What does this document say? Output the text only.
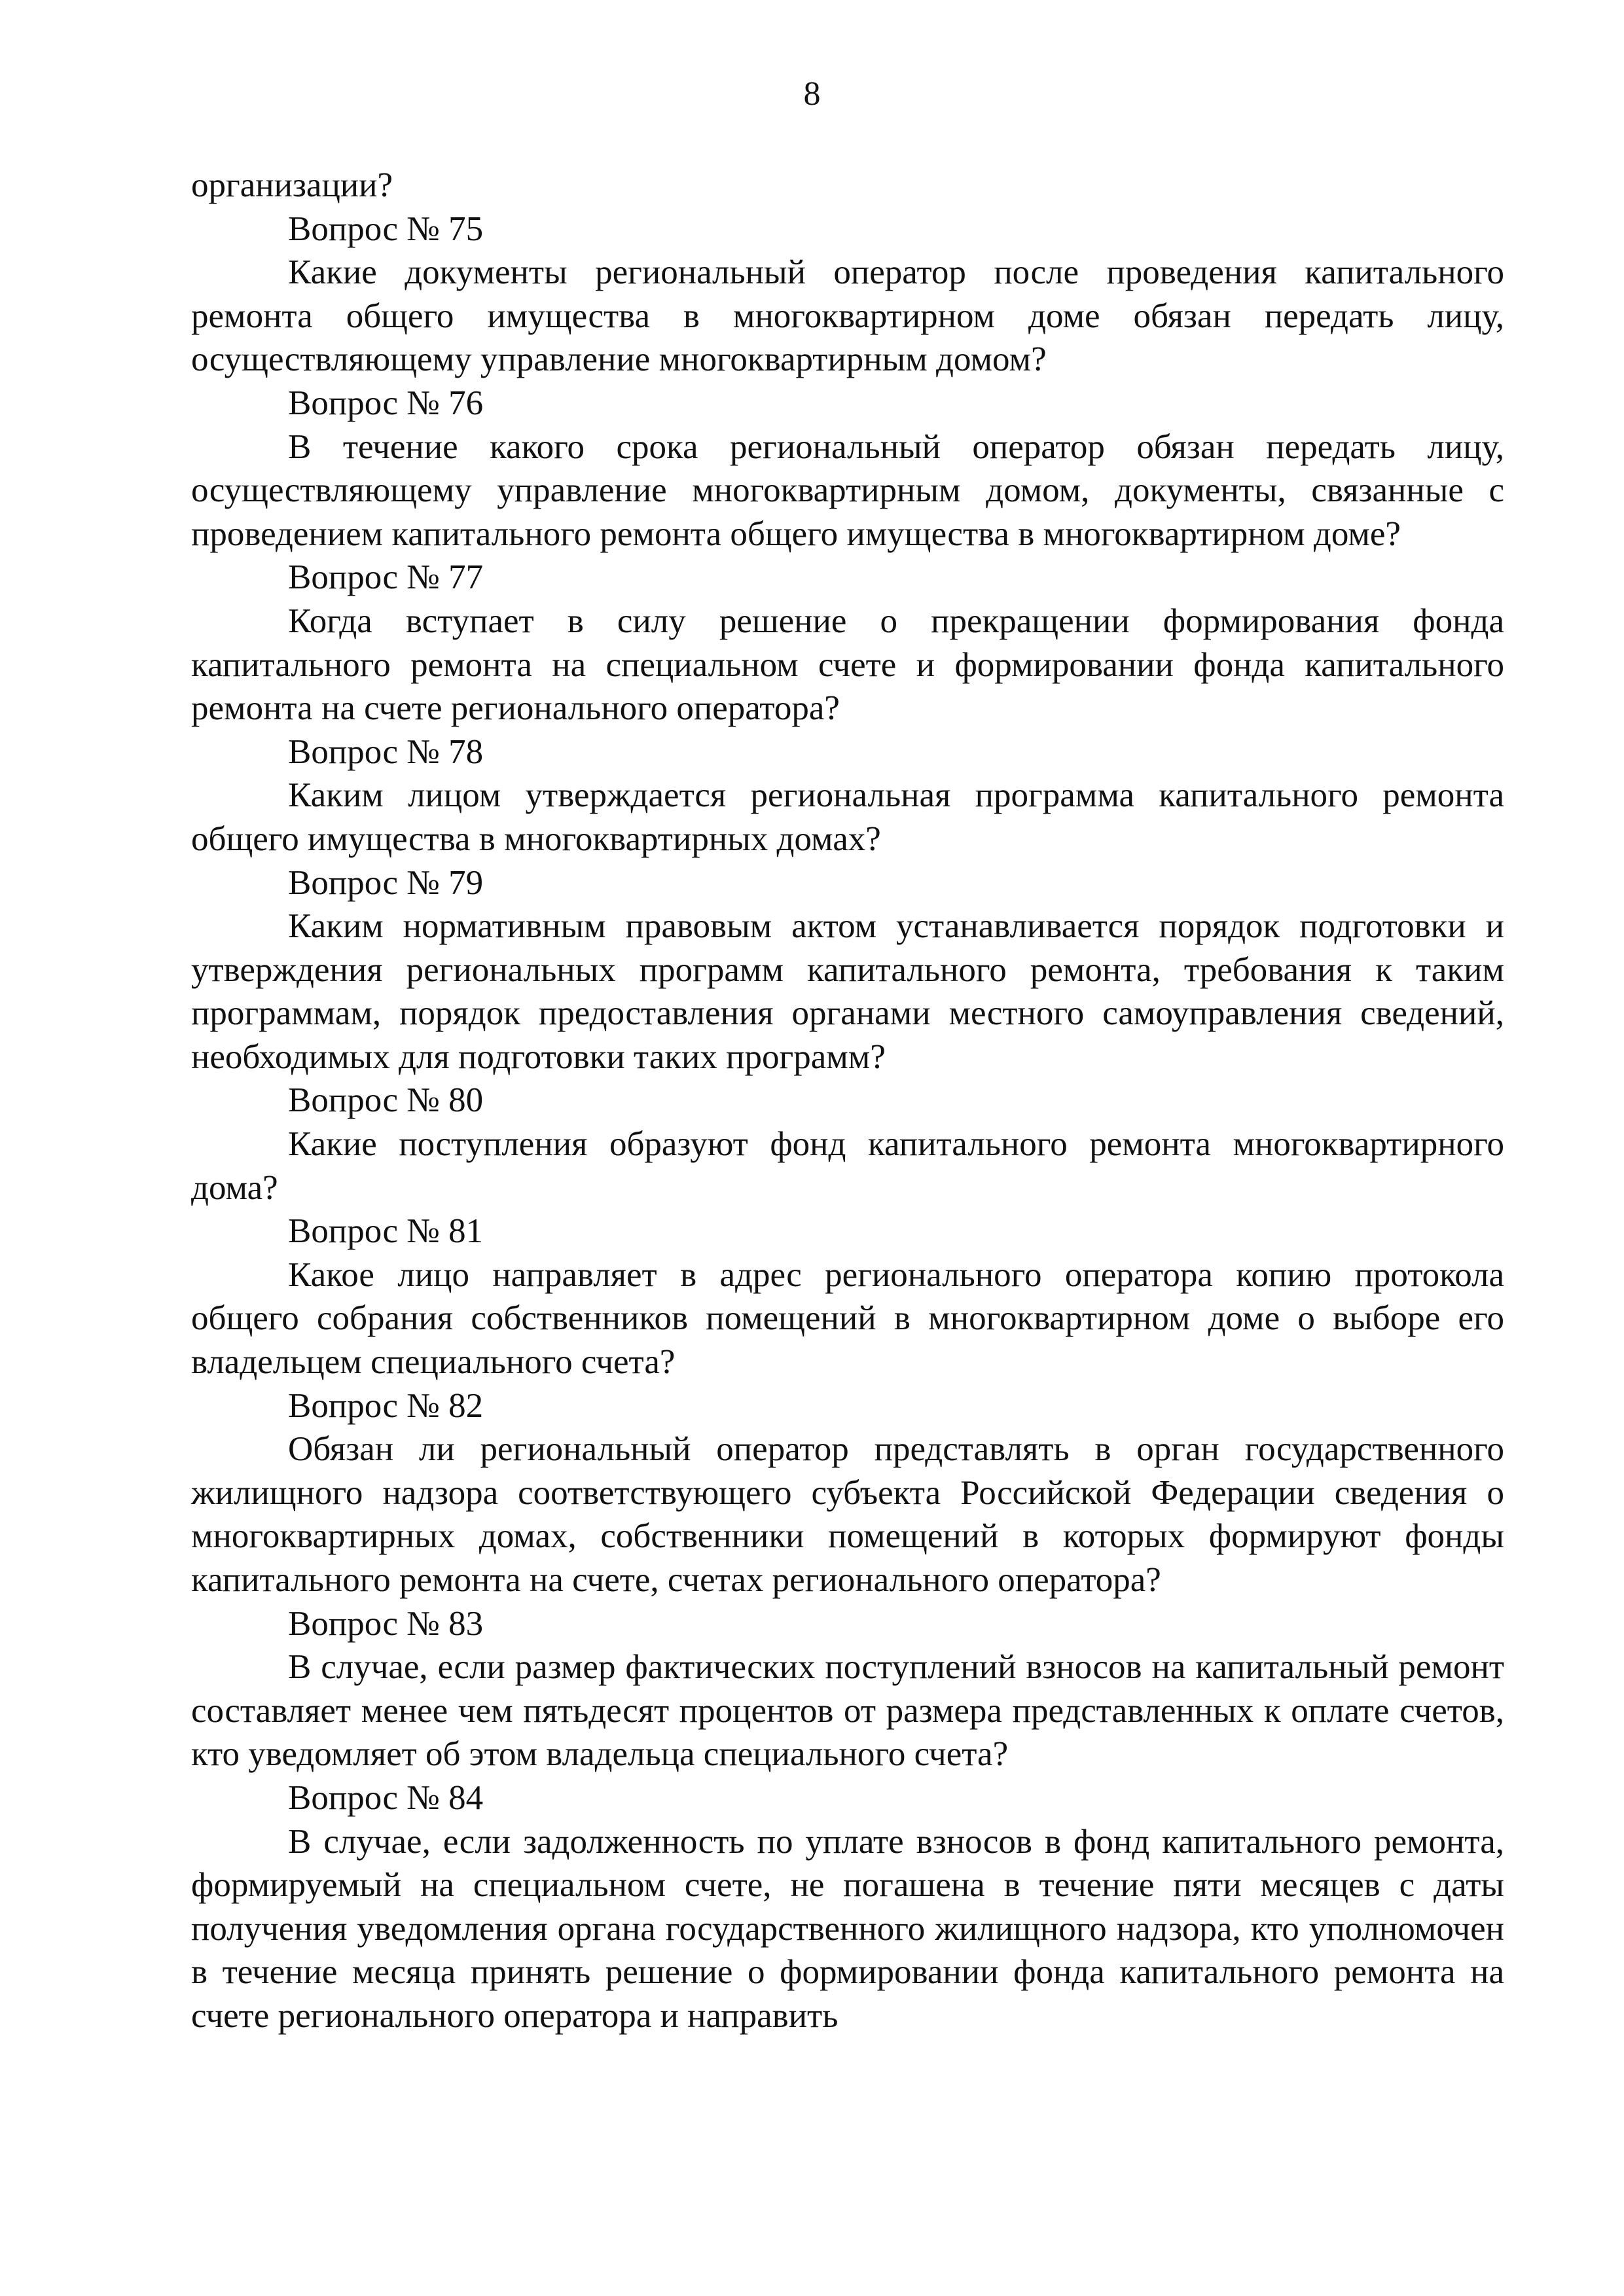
8

организации?

Вопрос № 75

Какие документы региональный оператор после проведения капитального ремонта общего имущества в многоквартирном доме обязан передать лицу, осуществляющему управление многоквартирным домом?

Вопрос № 76

В течение какого срока региональный оператор обязан передать лицу, осуществляющему управление многоквартирным домом, документы, связанные с проведением капитального ремонта общего имущества в многоквартирном доме?

Вопрос № 77

Когда вступает в силу решение о прекращении формирования фонда капитального ремонта на специальном счете и формировании фонда капитального ремонта на счете регионального оператора?

Вопрос № 78

Каким лицом утверждается региональная программа капитального ремонта общего имущества в многоквартирных домах?

Вопрос № 79

Каким нормативным правовым актом устанавливается порядок подготовки и утверждения региональных программ капитального ремонта, требования к таким программам, порядок предоставления органами местного самоуправления сведений, необходимых для подготовки таких программ?

Вопрос № 80

Какие поступления образуют фонд капитального ремонта многоквартирного дома?

Вопрос № 81

Какое лицо направляет в адрес регионального оператора копию протокола общего собрания собственников помещений в многоквартирном доме о выборе его владельцем специального счета?

Вопрос № 82

Обязан ли региональный оператор представлять в орган государственного жилищного надзора соответствующего субъекта Российской Федерации сведения о многоквартирных домах, собственники помещений в которых формируют фонды капитального ремонта на счете, счетах регионального оператора?

Вопрос № 83

В случае, если размер фактических поступлений взносов на капитальный ремонт составляет менее чем пятьдесят процентов от размера представленных к оплате счетов, кто уведомляет об этом владельца специального счета?

Вопрос № 84

В случае, если задолженность по уплате взносов в фонд капитального ремонта, формируемый на специальном счете, не погашена в течение пяти месяцев с даты получения уведомления органа государственного жилищного надзора, кто уполномочен в течение месяца принять решение о формировании фонда капитального ремонта на счете регионального оператора и направить
